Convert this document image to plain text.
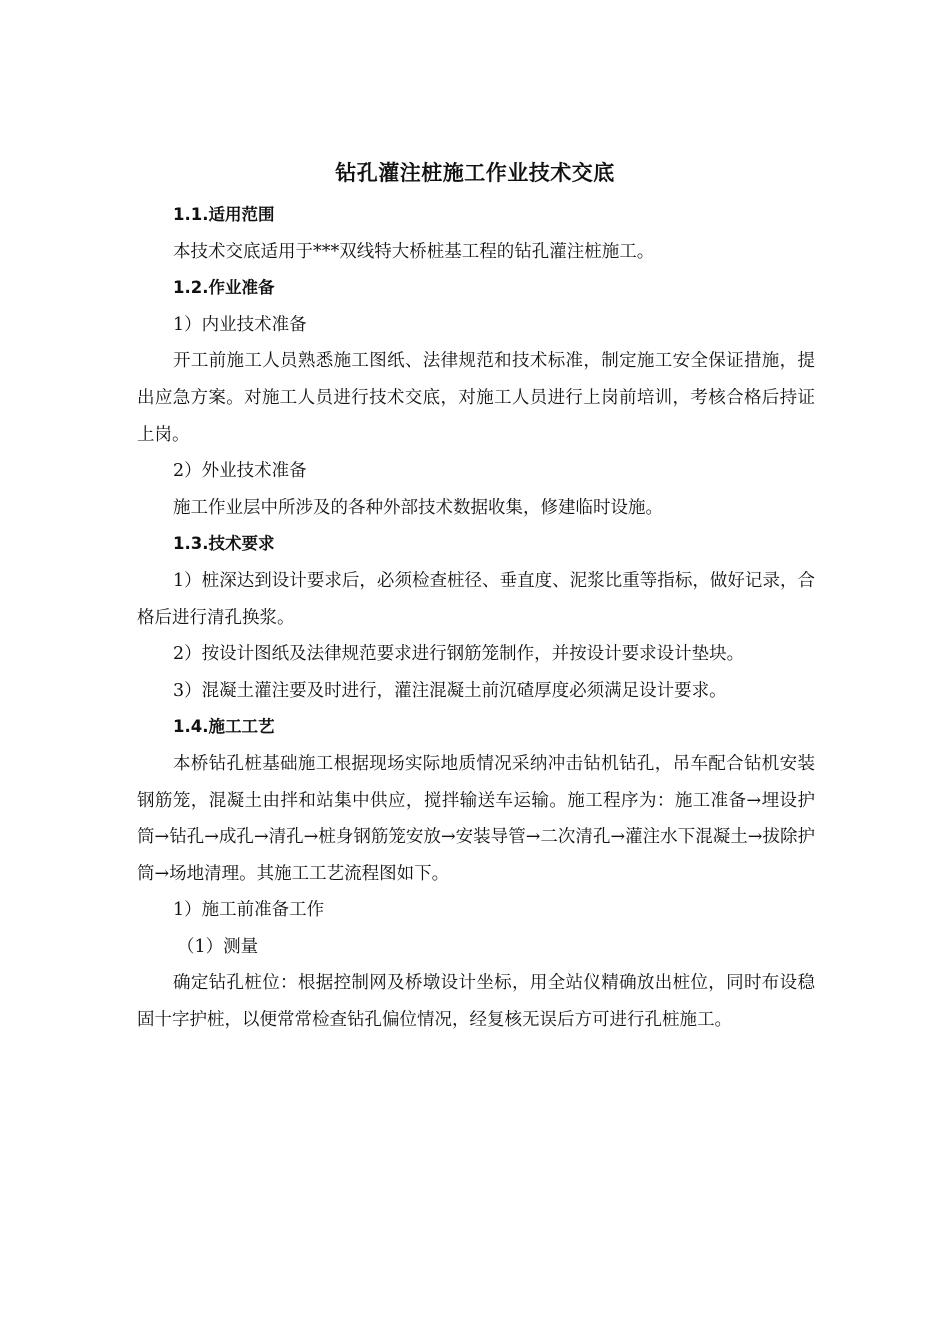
钻孔灌注桩施工作业技术交底

1.1.适用范围

本技术交底适用于***双线特大桥桩基工程的钻孔灌注桩施工。

1.2.作业准备

1）内业技术准备

开工前施工人员熟悉施工图纸、法律规范和技术标准，制定施工安全保证措施，提出应急方案。对施工人员进行技术交底，对施工人员进行上岗前培训，考核合格后持证上岗。

2）外业技术准备

施工作业层中所涉及的各种外部技术数据收集，修建临时设施。

1.3.技术要求

1）桩深达到设计要求后，必须检查桩径、垂直度、泥浆比重等指标，做好记录，合格后进行清孔换浆。

2）按设计图纸及法律规范要求进行钢筋笼制作，并按设计要求设计垫块。

3）混凝土灌注要及时进行，灌注混凝土前沉碴厚度必须满足设计要求。

1.4.施工工艺

本桥钻孔桩基础施工根据现场实际地质情况采纳冲击钻机钻孔，吊车配合钻机安装钢筋笼，混凝土由拌和站集中供应，搅拌输送车运输。施工程序为：施工准备→埋设护筒→钻孔→成孔→清孔→桩身钢筋笼安放→安装导管→二次清孔→灌注水下混凝土→拔除护筒→场地清理。其施工工艺流程图如下。

1）施工前准备工作

（1）测量

确定钻孔桩位：根据控制网及桥墩设计坐标，用全站仪精确放出桩位，同时布设稳固十字护桩，以便常常检查钻孔偏位情况，经复核无误后方可进行孔桩施工。
